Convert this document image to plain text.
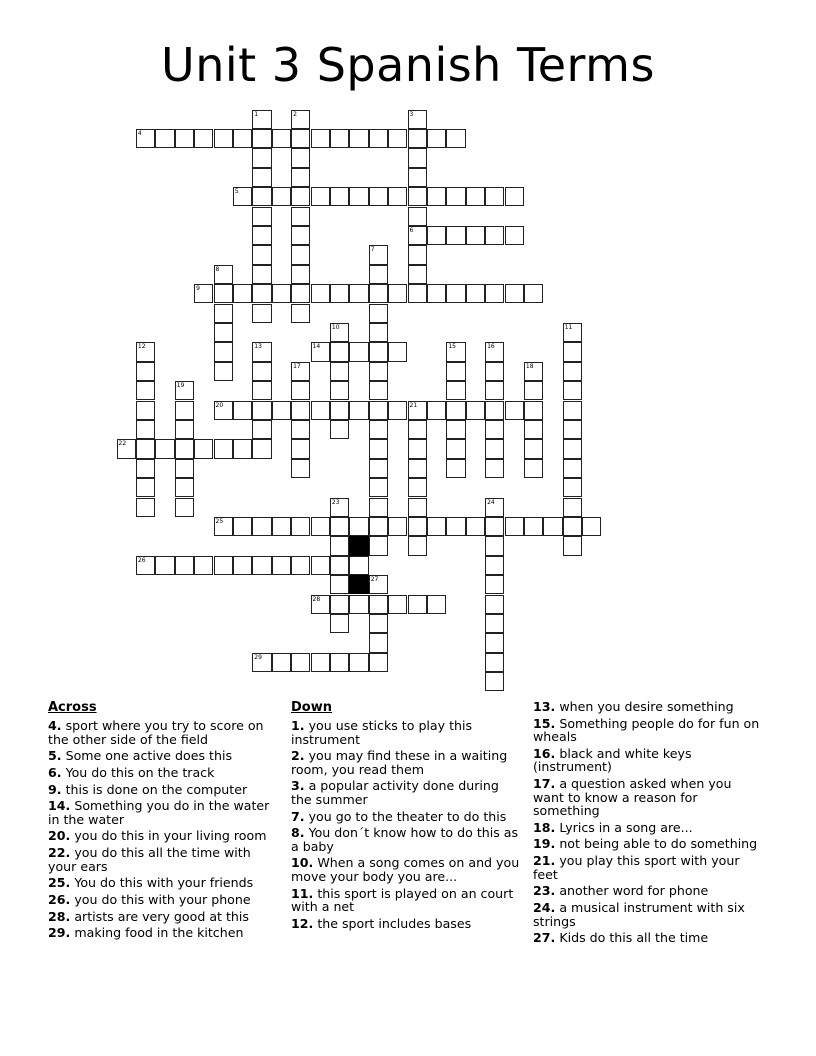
Unit 3 Spanish Terms
1	2	3
6
4
5
7
8
9
10	11
12	13	14	15	16
17	18
19
20	21
22
23	24
25
26
27
28
29
Across
4. sport where you try to score on the other side of the field
5. Some one active does this
6. You do this on the track
9. this is done on the computer
14. Something you do in the water in the water
20. you do this in your living room
22. you do this all the time with your ears
25. You do this with your friends
26. you do this with your phone
28. artists are very good at this
29. making food in the kitchen
Down
1. you use sticks to play this instrument
2. you may find these in a waiting room, you read them
3. a popular activity done during the summer
7. you go to the theater to do this
8. You don´t know how to do this as a baby
10. When a song comes on and you move your body you are...
11. this sport is played on an court with a net
12. the sport includes bases
13. when you desire something
15. Something people do for fun on wheals
16. black and white keys (instrument)
17. a question asked when you want to know a reason for something
18. Lyrics in a song are...
19. not being able to do something
21. you play this sport with your feet
23. another word for phone
24. a musical instrument with six strings
27. Kids do this all the time
